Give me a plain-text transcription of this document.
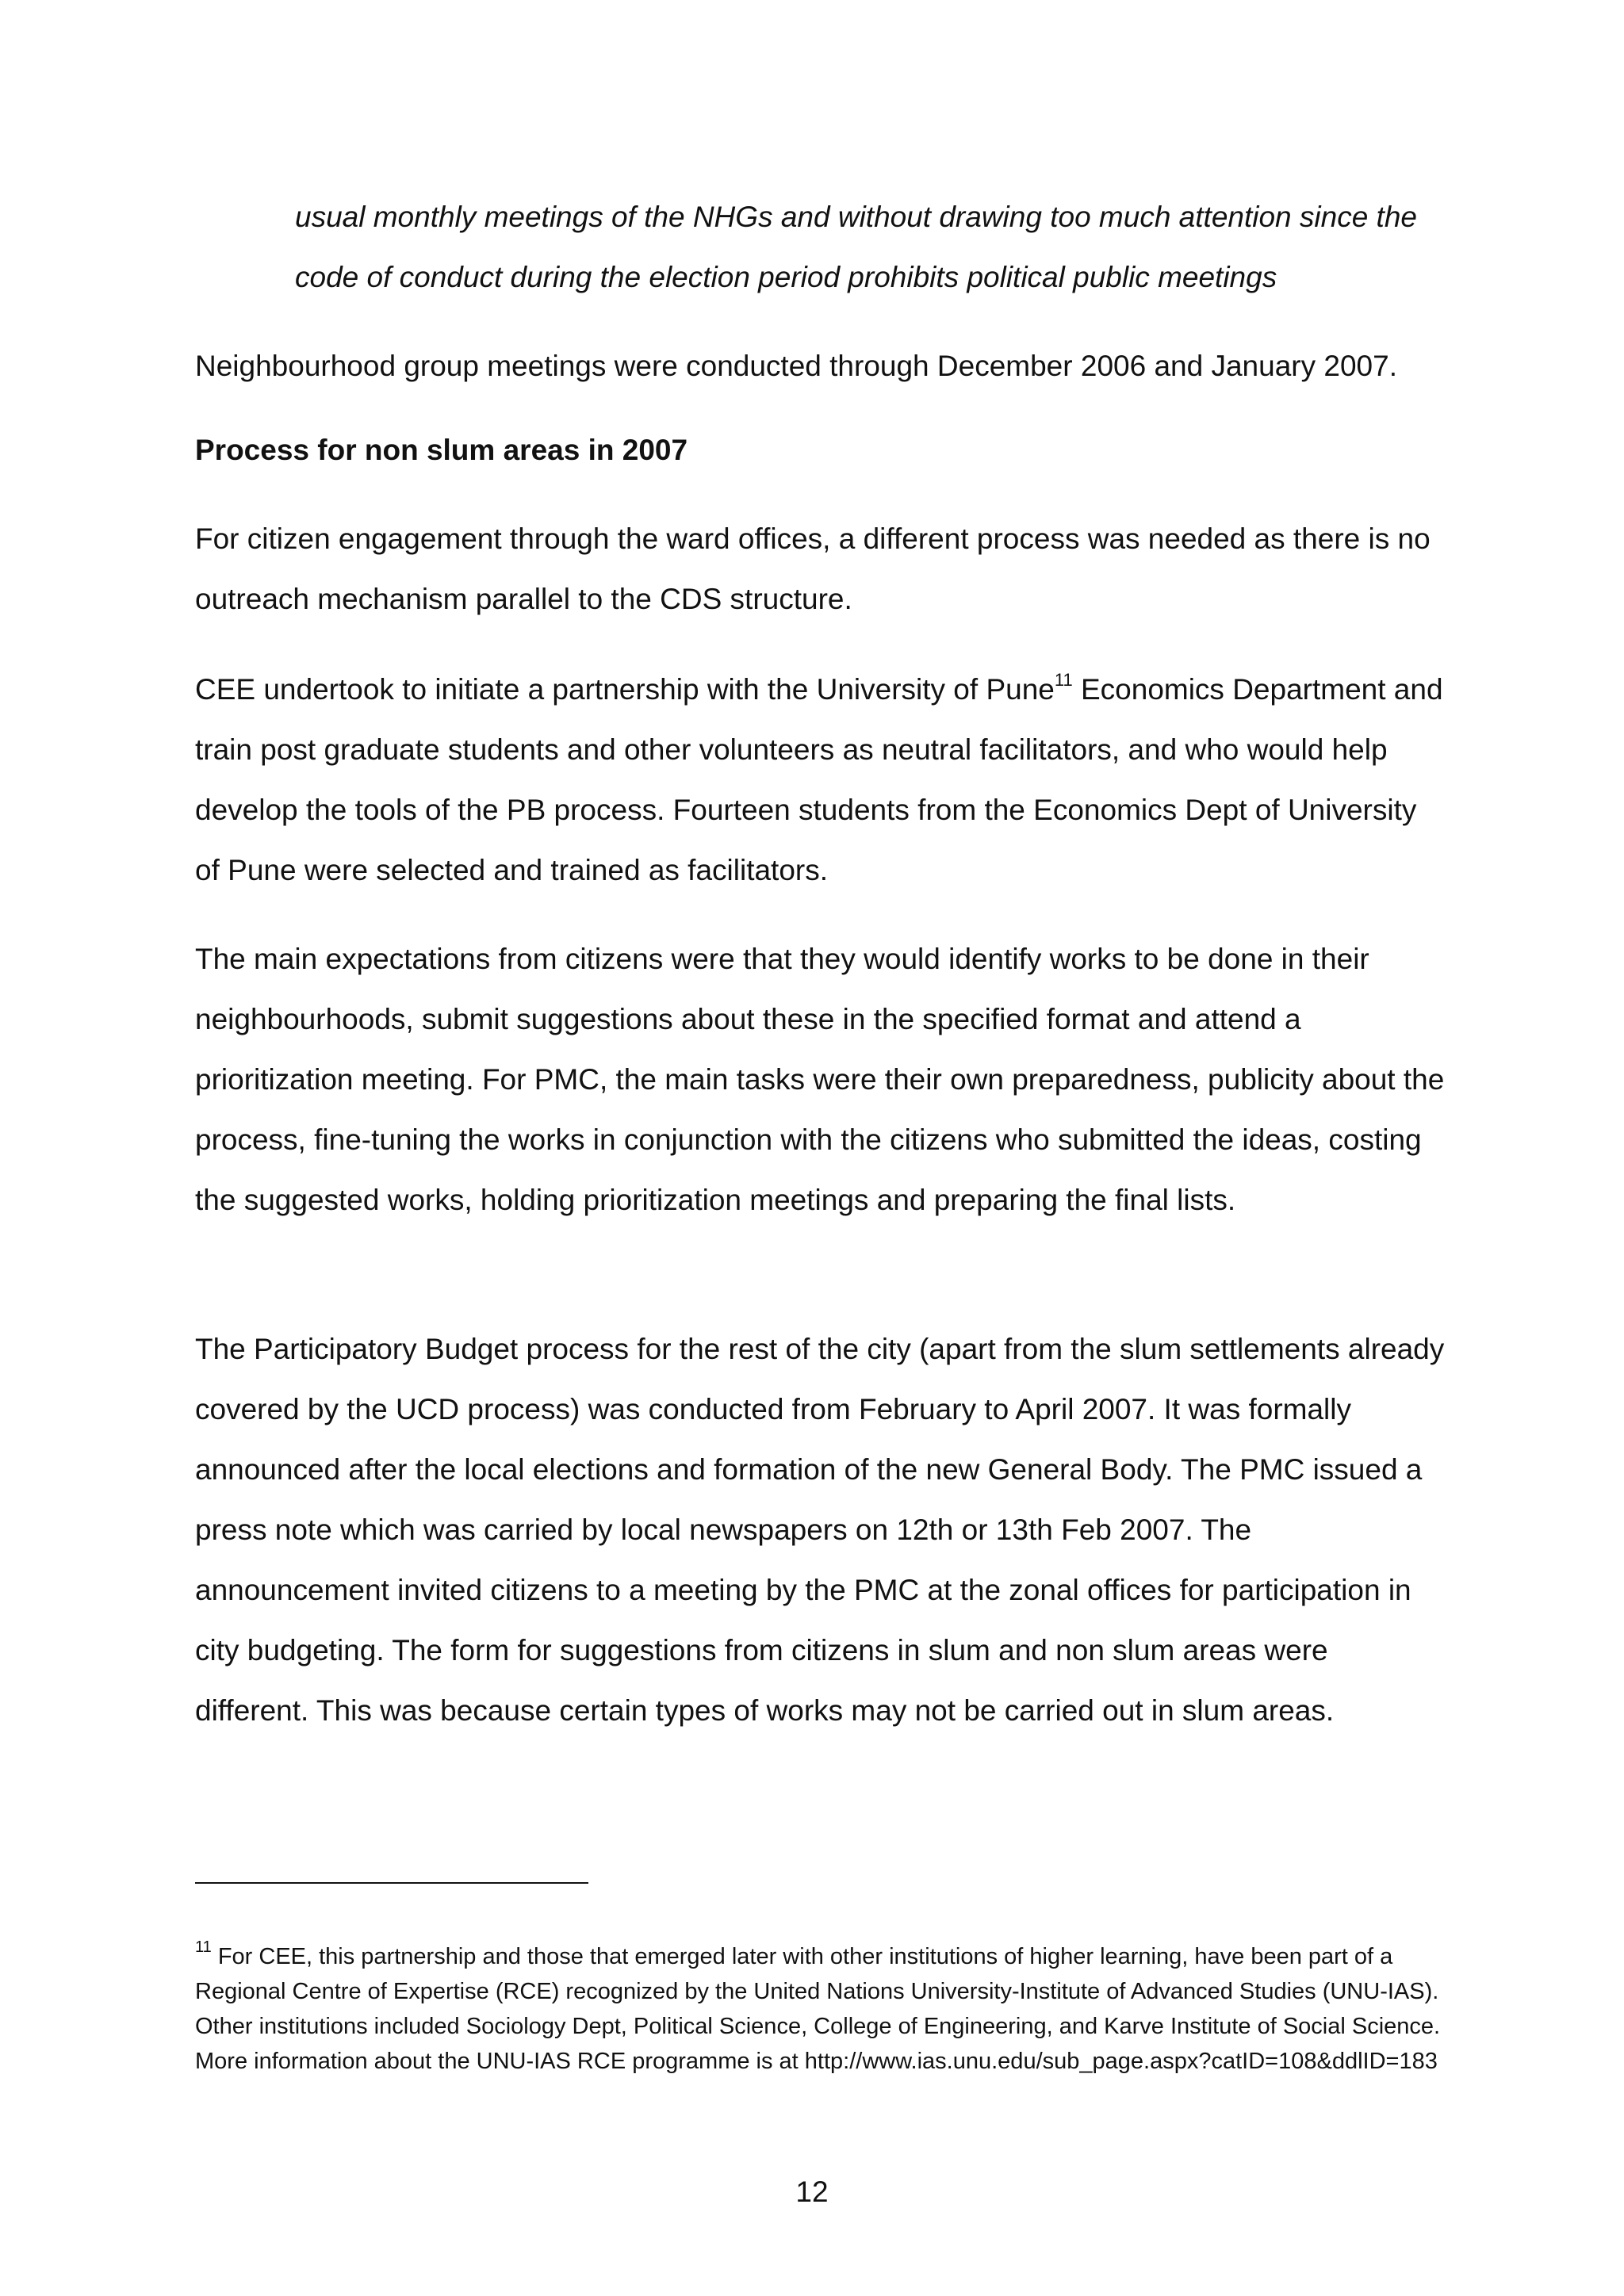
usual monthly meetings of the NHGs and without drawing too much attention since the code of conduct during the election period prohibits political public meetings

Neighbourhood group meetings were conducted through December 2006 and January 2007.

Process for non slum areas in 2007

For citizen engagement through the ward offices, a different process was needed as there is no outreach mechanism parallel to the CDS structure.

CEE undertook to initiate a partnership with the University of Pune$^{11}$ Economics Department and train post graduate students and other volunteers as neutral facilitators, and who would help develop the tools of the PB process. Fourteen students from the Economics Dept of University of Pune were selected and trained as facilitators.

The main expectations from citizens were that they would identify works to be done in their neighbourhoods, submit suggestions about these in the specified format and attend a prioritization meeting. For PMC, the main tasks were their own preparedness, publicity about the process, fine-tuning the works in conjunction with the citizens who submitted the ideas, costing the suggested works, holding prioritization meetings and preparing the final lists.

The Participatory Budget process for the rest of the city (apart from the slum settlements already covered by the UCD process) was conducted from February to April 2007. It was formally announced after the local elections and formation of the new General Body. The PMC issued a press note which was carried by local newspapers on 12th or 13th Feb 2007. The announcement invited citizens to a meeting by the PMC at the zonal offices for participation in city budgeting. The form for suggestions from citizens in slum and non slum areas were different. This was because certain types of works may not be carried out in slum areas.

$^{11}$ For CEE, this partnership and those that emerged later with other institutions of higher learning, have been part of a Regional Centre of Expertise (RCE) recognized by the United Nations University-Institute of Advanced Studies (UNU-IAS). Other institutions included Sociology Dept, Political Science, College of Engineering, and Karve Institute of Social Science. More information about the UNU-IAS RCE programme is at http://www.ias.unu.edu/sub_page.aspx?catID=108&ddlID=183

12
